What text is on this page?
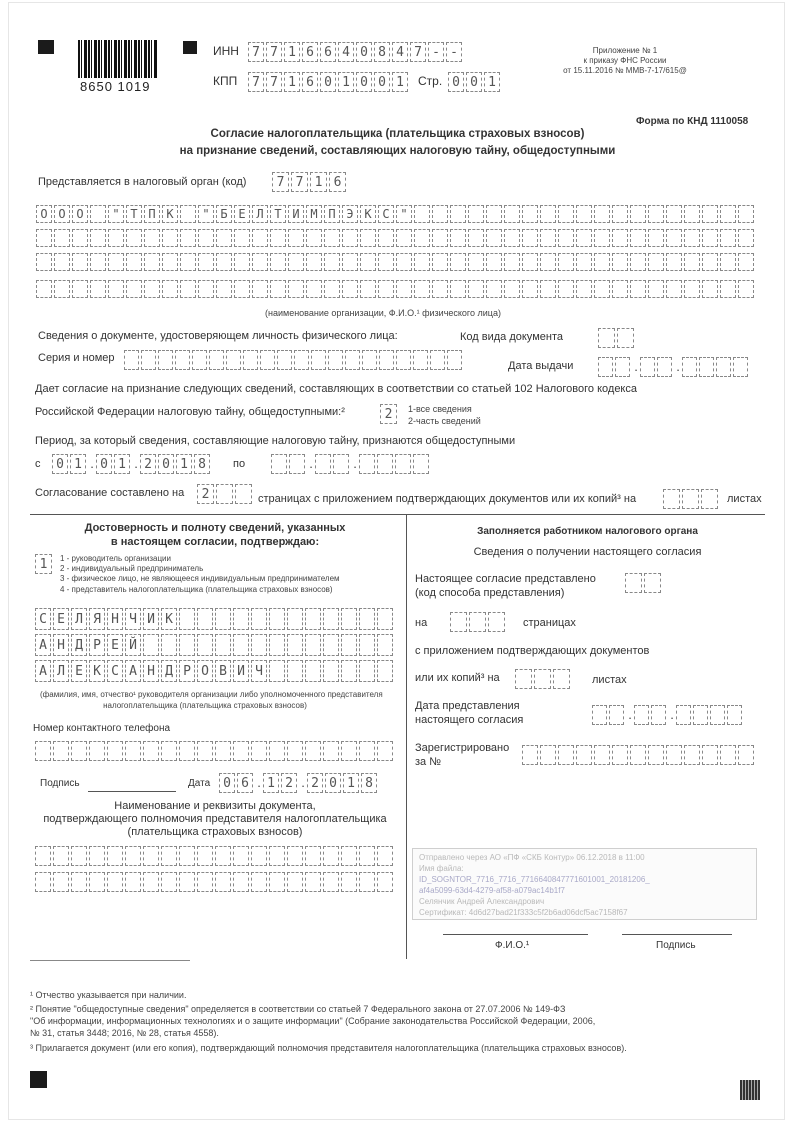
8650 1019
ИНН	7 7 1 6 6 4 0 8 4 7 - -
КПП	7 7 1 6 0 1 0 0 1	Стр. 0 0 1
Приложение № 1
к приказу ФНС России
от 15.11.2016 № ММВ-7-17/615@
Форма по КНД 1110058
Согласие налогоплательщика (плательщика страховых взносов)
на признание сведений, составляющих налоговую тайну, общедоступными
Представляется в налоговый орган (код)	7 7 1 6
О О О	" Т П К	" Б Е Л Т И М П Э К С "
(наименование организации, Ф.И.О.¹ физического лица)
Сведения о документе, удостоверяющем личность физического лица:	Код вида документа
Серия и номер
Дата выдачи	.	.
Дает согласие на признание следующих сведений, составляющих в соответствии со статьей 102 Налогового кодекса
Российской Федерации налоговую тайну, общедоступными:²	2	1-все сведения
2-часть сведений
Период, за который сведения, составляющие налоговую тайну, признаются общедоступными
с	0 1 . 0 1 . 2 0 1 8	по	.	.
Согласование составлено на	2	страницах с приложением подтверждающих документов или их копий³ на	листах
Достоверность и полноту сведений, указанных
в настоящем согласии, подтверждаю:
1	1 - руководитель организации
2 - индивидуальный предприниматель
3 - физическое лицо, не являющееся индивидуальным предпринимателем
4 - представитель налогоплательщика (плательщика страховых взносов)
С Е Л Я Н Ч И К
А Н Д Р Е Й
А Л Е К С А Н Д Р О В И Ч
(фамилия, имя, отчество¹ руководителя организации либо уполномоченного представителя
налогоплательщика (плательщика страховых взносов)
Номер контактного телефона
Подпись	Дата 0 6 . 1 2 . 2 0 1 8
Наименование и реквизиты документа,
подтверждающего полномочия представителя налогоплательщика
(плательщика страховых взносов)
Заполняется работником налогового органа
Сведения о получении настоящего согласия
Настоящее согласие представлено
(код способа представления)
на	страницах
с приложением подтверждающих документов
или их копий³ на	листах
Дата представления
настоящего согласия	.	.
Зарегистрировано
за №
Отправлено через АО «ПФ «СКБ Контур» 06.12.2018 в 11:00
Имя файла:
ID_SOGNTOR_7716_7716_7716640847771601001_20181206_
af4a5099-63d4-4279-af58-a079ac14b1f7
Селянчик Андрей Александрович
Сертификат: 4d6d27bad21f333c5f2b6ad06dcf5ac7158f67
Ф.И.О.¹	Подпись
¹ Отчество указывается при наличии.
² Понятие "общедоступные сведения" определяется в соответствии со статьей 7 Федерального закона от 27.07.2006 № 149-ФЗ
"Об информации, информационных технологиях и о защите информации" (Собрание законодательства Российской Федерации, 2006,
№ 31, статья 3448; 2016, № 28, статья 4558).
³ Прилагается документ (или его копия), подтверждающий полномочия представителя налогоплательщика (плательщика страховых взносов).
